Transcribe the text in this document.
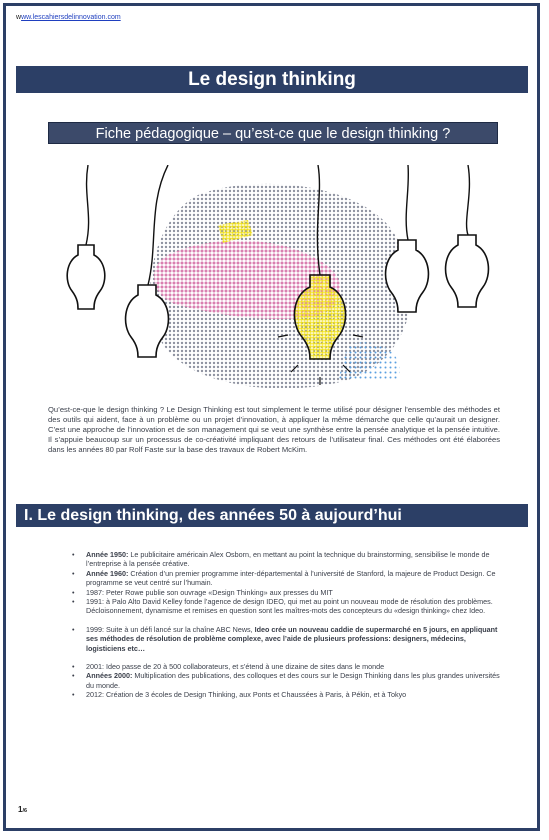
www.lescahiersdelinnovation.com
Le design thinking
Fiche pédagogique – qu’est-ce que le design thinking ?
Qu’est-ce-que le design thinking ? Le Design Thinking est tout simplement le terme utilisé pour désigner l’ensemble des méthodes et des outils qui aident, face à un problème ou un projet d’innovation, à appliquer la même démarche que celle qu’aurait un designer. C’est une approche de l’innovation et de son management qui se veut une synthèse entre la pensée analytique et la pensée intuitive. Il s’appuie beaucoup sur un processus de co-créativité impliquant des retours de l’utilisateur final. Ces méthodes ont été élaborées dans les années 80 par Rolf Faste sur la base des travaux de Robert McKim.
I. Le design thinking, des années 50 à aujourd’hui
• Année 1950: Le publicitaire américain Alex Osborn, en mettant au point la technique du brainstorming, sensibilise le monde de l’entreprise à la pensée créative.
• Année 1960: Création d’un premier programme inter-départemental à l’université de Stanford, la majeure de Product Design. Ce programme se veut centré sur l’humain.
• 1987: Peter Rowe publie son ouvrage «Design Thinking» aux presses du MIT
• 1991: à Palo Alto David Kelley fonde l’agence de design IDEO, qui met au point un nouveau mode de résolution des problèmes. Décloisonnement, dynamisme et remises en question sont les maîtres-mots des concepteurs du «design thinking» chez Ideo.
• 1999: Suite à un défi lancé sur la chaîne ABC News, Ideo crée un nouveau caddie de supermarché en 5 jours, en appliquant ses méthodes de résolution de problème complexe, avec l’aide de plusieurs professions: designers, médecins, logisticiens etc…
• 2001: Ideo passe de 20 à 500 collaborateurs, et s’étend à une dizaine de sites dans le monde
• Années 2000: Multiplication des publications, des colloques et des cours sur le Design Thinking dans les plus grandes universités du monde.
• 2012: Création de 3 écoles de Design Thinking, aux Ponts et Chaussées à Paris, à Pékin, et à Tokyo
1/6
